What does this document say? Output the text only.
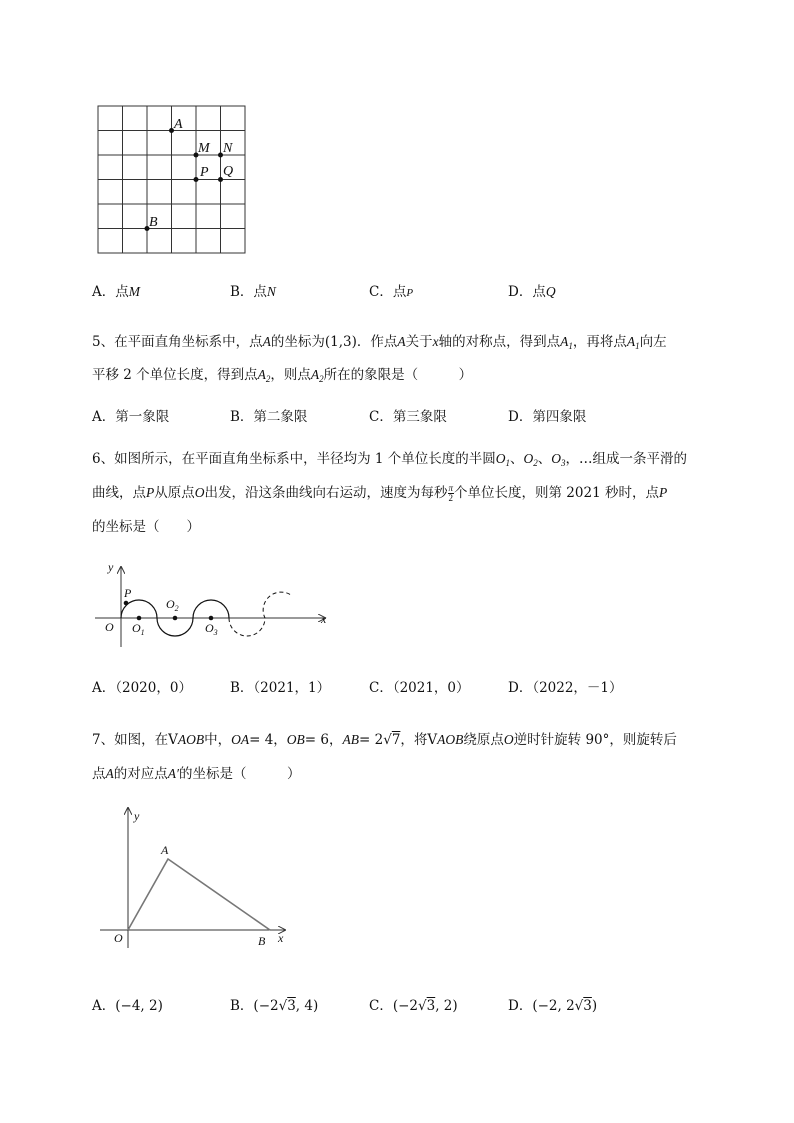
A
M N
P Q
B
A．点M	B．点N	C．点P	D．点Q
5、在平面直角坐标系中，点A的坐标为(1,3)．作点A关于x轴的对称点，得到点$A_1$，再将点$A_1$向左
平移 2 个单位长度，得到点$A_2$，则点$A_2$所在的象限是（　　　）
A．第一象限	B．第二象限	C．第三象限	D．第四象限
6、如图所示，在平面直角坐标系中，半径均为 1 个单位长度的半圆$O_1$、$O_2$、$O_3$，…组成一条平滑的
曲线，点P从原点O出发，沿这条曲线向右运动，速度为每秒 $\frac{\pi}{2}$ 个单位长度，则第 2021 秒时，点P
的坐标是（　　）
y
x
P
O $O_1$
$O_2$
$O_3$
A．（2020，0）	B．（2021，1）	C．（2021，0）	D．（2022，－1）
7、如图，在VAOB中，OA= 4，OB= 6，AB= 2√7，将VAOB绕原点O逆时针旋转 90°，则旋转后
点A的对应点A′的坐标是（　　　）
y
x
A
O	B
A．(−4, 2)	B．(−2√3, 4)	C．(−2√3, 2)	D．(−2, 2√3)
